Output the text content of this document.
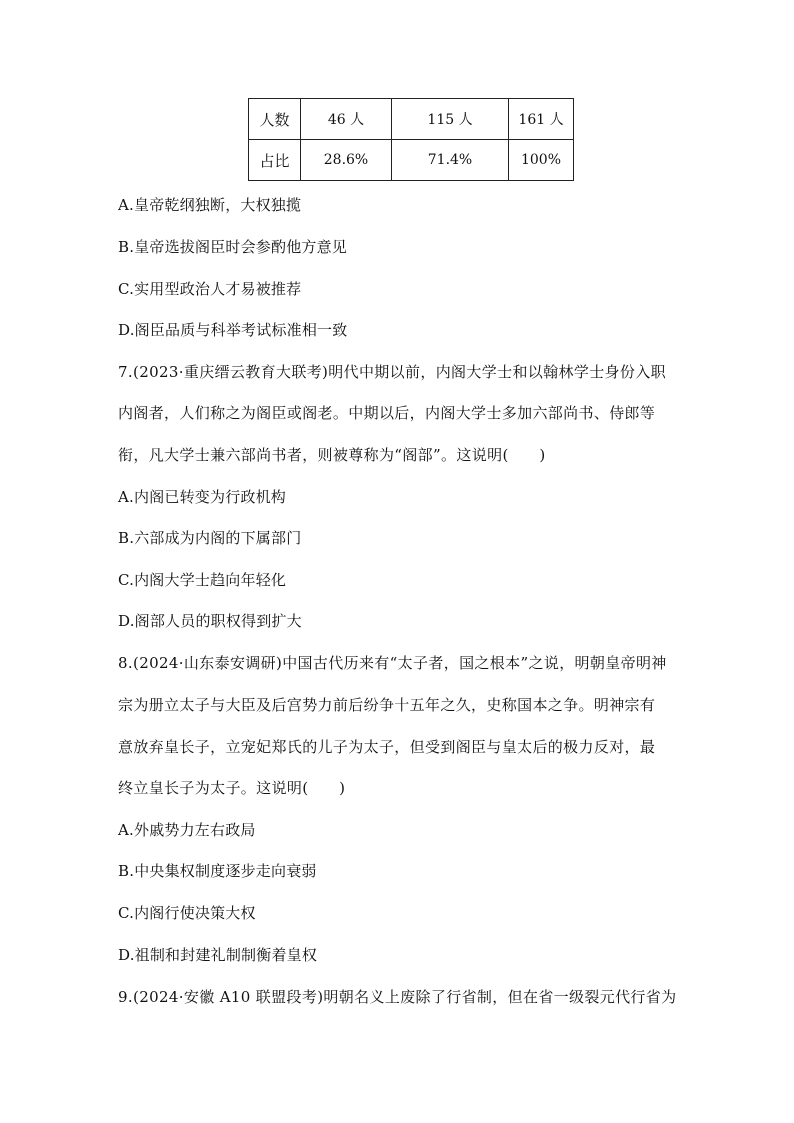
人数	46 人	115 人	161 人
占比	28.6%	71.4%	100%
A.皇帝乾纲独断，大权独揽
B.皇帝选拔阁臣时会参酌他方意见
C.实用型政治人才易被推荐
D.阁臣品质与科举考试标准相一致
7.(2023·重庆缙云教育大联考)明代中期以前，内阁大学士和以翰林学士身份入职
内阁者，人们称之为阁臣或阁老。中期以后，内阁大学士多加六部尚书、侍郎等
衔，凡大学士兼六部尚书者，则被尊称为“阁部”。这说明(　　)
A.内阁已转变为行政机构
B.六部成为内阁的下属部门
C.内阁大学士趋向年轻化
D.阁部人员的职权得到扩大
8.(2024·山东泰安调研)中国古代历来有“太子者，国之根本”之说，明朝皇帝明神
宗为册立太子与大臣及后宫势力前后纷争十五年之久，史称国本之争。明神宗有
意放弃皇长子，立宠妃郑氏的儿子为太子，但受到阁臣与皇太后的极力反对，最
终立皇长子为太子。这说明(　　)
A.外戚势力左右政局
B.中央集权制度逐步走向衰弱
C.内阁行使决策大权
D.祖制和封建礼制制衡着皇权
9.(2024·安徽 A10 联盟段考)明朝名义上废除了行省制，但在省一级裂元代行省为
